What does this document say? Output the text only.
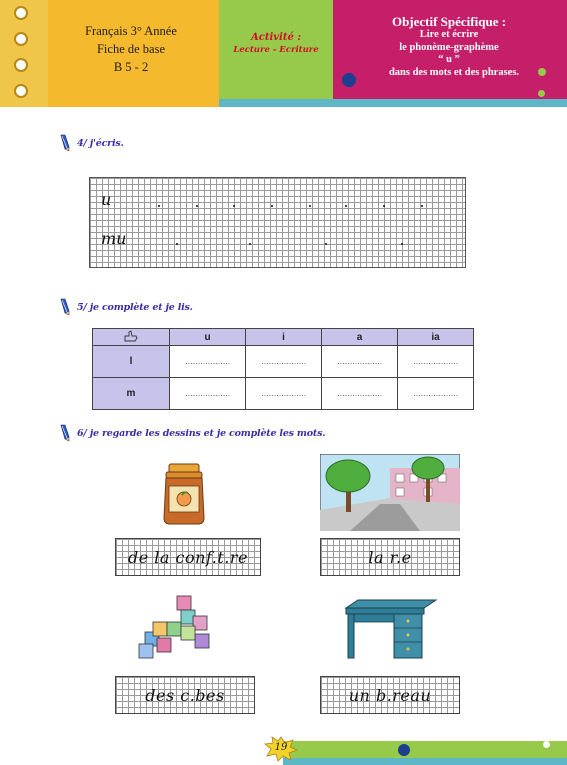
Français 3° Année
Fiche de base
B 5 - 2
Activité :
Lecture - Ecriture
Objectif Spécifique :
Lire et écrire
le phonème-graphème
“ u ”
dans des mots et des phrases.
4/ j'écris.
u
mu
5/ je complète et je lis.
	u	i	a	ia
l	………………	………………	………………	………………
m	………………	………………	………………	………………
6/ je regarde les dessins et je complète les mots.
de la conf.t.re	la r.e
des c.bes	un b.reau
19
